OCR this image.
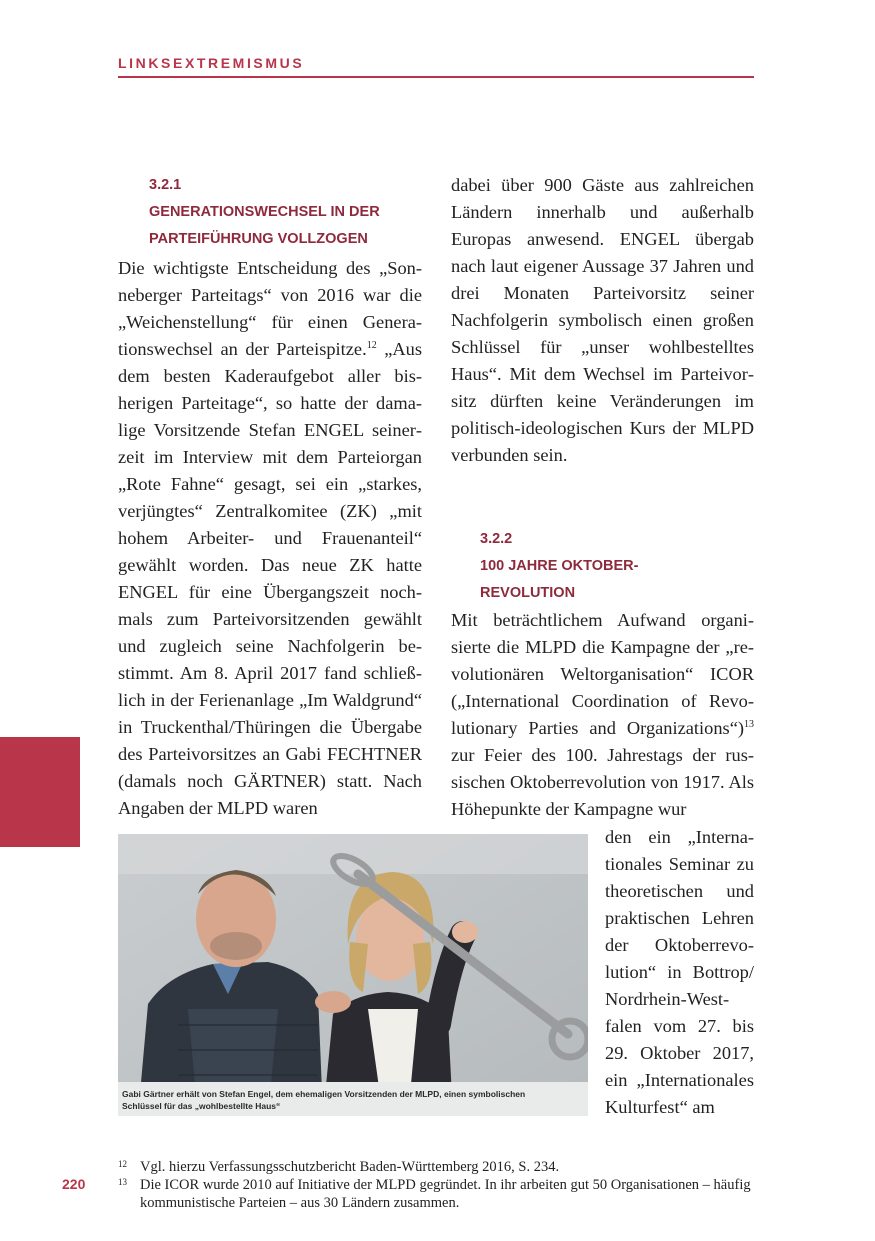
LINKSEXTREMISMUS
3.2.1
GENERATIONSWECHSEL IN DER
PARTEIFÜHRUNG VOLLZOGEN

Die wichtigste Entscheidung des „Sonneberger Parteitags“ von 2016 war die „Weichenstellung“ für einen Generationswechsel an der Parteispitze.$^{12}$ „Aus dem besten Kaderaufgebot aller bisherigen Parteitage“, so hatte der damalige Vorsitzende Stefan ENGEL seinerzeit im Interview mit dem Parteiorgan „Rote Fahne“ gesagt, sei ein „starkes, verjüngtes“ Zentralkomitee (ZK) „mit hohem Arbeiter- und Frauenanteil“ gewählt worden. Das neue ZK hatte ENGEL für eine Übergangszeit nochmals zum Parteivorsitzenden gewählt und zugleich seine Nachfolgerin bestimmt. Am 8. April 2017 fand schließlich in der Ferienanlage „Im Waldgrund“ in Truckenthal/Thüringen die Übergabe des Parteivorsitzes an Gabi FECHTNER (damals noch GÄRTNER) statt. Nach Angaben der MLPD waren

dabei über 900 Gäste aus zahlreichen Ländern innerhalb und außerhalb Europas anwesend. ENGEL übergab nach laut eigener Aussage 37 Jahren und drei Monaten Parteivorsitz seiner Nachfolgerin symbolisch einen großen Schlüssel für „unser wohlbestelltes Haus“. Mit dem Wechsel im Parteivorsitz dürften keine Veränderungen im politisch-ideologischen Kurs der MLPD verbunden sein.

3.2.2
100 JAHRE OKTOBER-
REVOLUTION

Mit beträchtlichem Aufwand organisierte die MLPD die Kampagne der „revolutionären Weltorganisation“ ICOR („International Coordination of Revolutionary Parties and Organizations“)$^{13}$ zur Feier des 100. Jahrestags der russischen Oktoberrevolution von 1917. Als Höhepunkte der Kampagne wur

den ein „Internationales Seminar zu theoretischen und praktischen Lehren der Oktoberrevolution“ in Bottrop/ Nordrhein-Westfalen vom 27. bis 29. Oktober 2017, ein „Internationales Kulturfest“ am

Gabi Gärtner erhält von Stefan Engel, dem ehemaligen Vorsitzenden der MLPD, einen symbolischen
Schlüssel für das „wohlbestellte Haus“
220
12 Vgl. hierzu Verfassungsschutzbericht Baden-Württemberg 2016, S. 234.
13 Die ICOR wurde 2010 auf Initiative der MLPD gegründet. In ihr arbeiten gut 50 Organisationen – häufig kommunistische Parteien – aus 30 Ländern zusammen.
